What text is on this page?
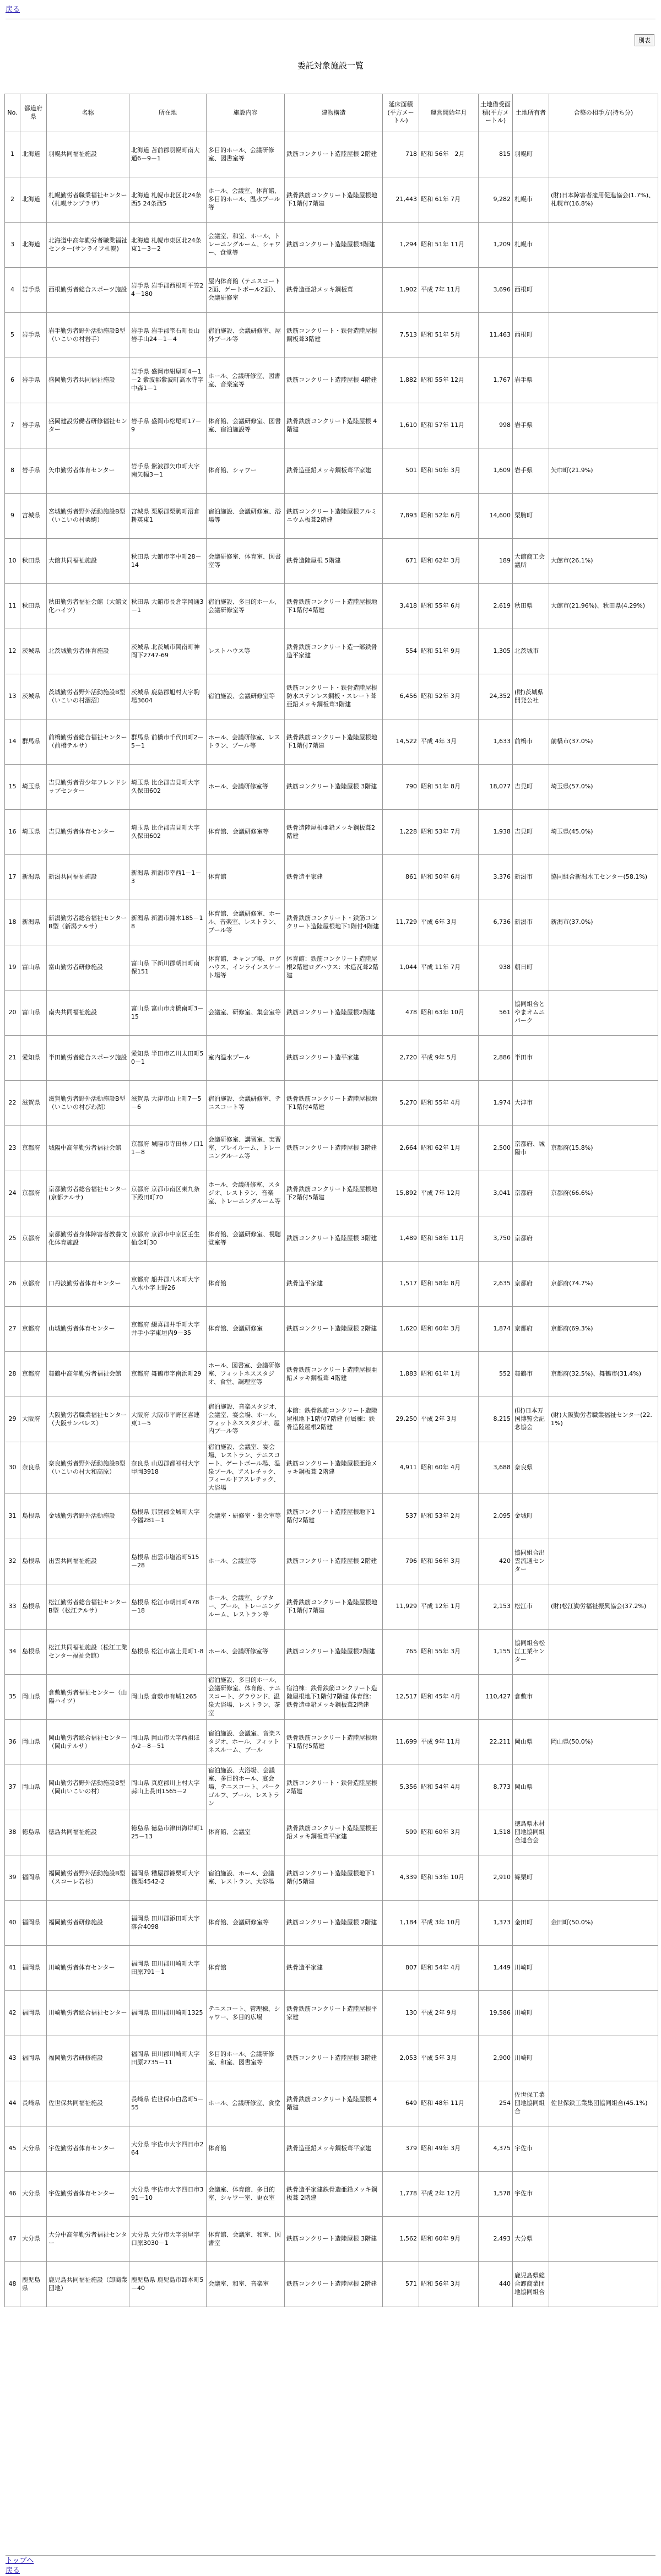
戻る
別表
委託対象施設一覧
No.	都道府県	名称	所在地	施設内容	建物構造	延床面積(平方メートル)	運営開始年月	土地借受面積(平方メートル)	土地所有者	合築の相手方(持ち分)
1	北海道	羽幌共同福祉施設	北海道 苫前郡羽幌町南大通6－9－1	多目的ホール、会議研修室、図書室等	鉄筋コンクリート造陸屋根 2階建	718	昭和 56年　2月	815	羽幌町	
2	北海道	札幌勤労者職業福祉センター（札幌サンプラザ）	北海道 札幌市北区北24条西5 24条西5	ホール、会議室、体育館、多目的ホール、温水プール等	鉄骨鉄筋コンクリート造陸屋根地下1階付7階建	21,443	昭和 61年 7月	9,282	札幌市	(財)日本障害者雇用促進協会(1.7%)、札幌市(16.8%)
3	北海道	北海道中高年勤労者職業福祉センター(サンライフ札幌)	北海道 札幌市東区北24条東1－3－2	会議室、和室、ホール、トレーニングルーム、シャワー、食堂等	鉄筋コンクリート造陸屋根3階建	1,294	昭和 51年 11月	1,209	札幌市	
4	岩手県	西根勤労者総合スポーツ施設	岩手県 岩手郡西根町平笠24－180	屋内体育館（テニスコート2面、ゲートボール2面）、会議研修室	鉄骨造亜鉛メッキ鋼板葺	1,902	平成 7年 11月	3,696	西根町	
5	岩手県	岩手勤労者野外活動施設B型（いこいの村岩手）	岩手県 岩手郡雫石町長山岩手山24－1－4	宿泊施設、会議研修室、屋外プール等	鉄筋コンクリート・鉄骨造陸屋根鋼板葺3階建	7,513	昭和 51年 5月	11,463	西根町	
6	岩手県	盛岡勤労者共同福祉施設	岩手県 盛岡市紺屋町4－1－2 紫波郡紫波町高水寺字中森1－1	ホール、会議研修室、図書室、音楽室等	鉄筋コンクリート造陸屋根 4階建	1,882	昭和 55年 12月	1,767	岩手県	
7	岩手県	盛岡建設労働者研修福祉センター	岩手県 盛岡市松尾町17－9	体育館、会議研修室、図書室、宿泊施設等	鉄骨鉄筋コンクリート造陸屋根 4階建	1,610	昭和 57年 11月	998	岩手県	
8	岩手県	矢巾勤労者体育センター	岩手県 紫波郡矢巾町大字南矢幅3－1	体育館、シャワー	鉄骨造亜鉛メッキ鋼板葺平家建	501	昭和 50年 3月	1,609	岩手県	矢巾町(21.9%)
9	宮城県	宮城勤労者野外活動施設B型（いこいの村栗駒）	宮城県 栗原郡栗駒町沼倉耕英東1	宿泊施設、会議研修室、浴場等	鉄筋コンクリート造陸屋根アルミニウム板葺2階建	7,893	昭和 52年 6月	14,600	栗駒町	
10	秋田県	大館共同福祉施設	秋田県 大館市字中町28－14	会議研修室、体育室、図書室等	鉄骨造陸屋根 5階建	671	昭和 62年 3月	189	大館商工会議所	大館市(26.1%)
11	秋田県	秋田勤労者福祉会館（大館文化ハイツ）	秋田県 大館市長倉字岡通3－1	宿泊施設、多目的ホール、会議研修室等	鉄骨鉄筋コンクリート造陸屋根地下1階付4階建	3,418	昭和 55年 6月	2,619	秋田県	大館市(21.96%)、秋田県(4.29%)
12	茨城県	北茨城勤労者体育施設	茨城県 北茨城市関南町神岡下2747-69	レストハウス等	鉄骨鉄筋コンクリート造一部鉄骨造平家建	554	昭和 51年 9月	1,305	北茨城市	
13	茨城県	茨城勤労者野外活動施設B型（いこいの村涸沼）	茨城県 鹿島郡旭村大字駒場3604	宿泊施設、会議研修室等	鉄筋コンクリート・鉄骨造陸屋根防水ステンレス鋼板・スレート葺亜鉛メッキ鋼板葺3階建	6,456	昭和 52年 3月	24,352	(財)茨城県開発公社	
14	群馬県	前橋勤労者総合福祉センター（前橋テルサ）	群馬県 前橋市千代田町2－5－1	ホール、会議研修室、レストラン、プール等	鉄骨鉄筋コンクリート造陸屋根地下1階付7階建	14,522	平成 4年 3月	1,633	前橋市	前橋市(37.0%)
15	埼玉県	吉見勤労者青少年フレンドシップセンター	埼玉県 比企郡吉見町大字久保田602	ホール、会議研修室等	鉄筋コンクリート造陸屋根 3階建	790	昭和 51年 8月	18,077	吉見町	埼玉県(57.0%)
16	埼玉県	吉見勤労者体育センター	埼玉県 比企郡吉見町大字久保田602	体育館、会議研修室等	鉄骨造陸屋根亜鉛メッキ鋼板葺2階建	1,228	昭和 53年 7月	1,938	吉見町	埼玉県(45.0%)
17	新潟県	新潟共同福祉施設	新潟県 新潟市幸西1－1－3	体育館	鉄骨造平家建	861	昭和 50年 6月	3,376	新潟市	協同組合新潟木工センター(58.1%)
18	新潟県	新潟勤労者総合福祉センターB型（新潟テルサ）	新潟県 新潟市鐘木185－18	体育館、会議研修室、ホール、音楽室、レストラン、プール等	鉄骨鉄筋コンクリート・鉄筋コンクリート造陸屋根地下1階付4階建	11,729	平成 6年 3月	6,736	新潟市	新潟市(37.0%)
19	富山県	富山勤労者研修施設	富山県 下新川郡朝日町南保151	体育館、キャンプ場、ログハウス、インラインスケート場等	体育館：鉄筋コンクリート造陸屋根2階建ログハウス：木造瓦葺2階建	1,044	平成 11年 7月	938	朝日町	
20	富山県	南央共同福祉施設	富山県 富山市舟橋南町3－15	会議室、研修室、集会室等	鉄筋コンクリート造陸屋根2階建	478	昭和 63年 10月	561	協同組合とやまオムニパーク	
21	愛知県	半田勤労者総合スポーツ施設	愛知県 半田市乙川太田町50－1	室内温水プール	鉄筋コンクリート造平家建	2,720	平成 9年 5月	2,886	半田市	
22	滋賀県	滋賀勤労者野外活動施設B型（いこいの村びわ湖）	滋賀県 大津市山上町7－5－6	宿泊施設、会議研修室、テニスコート等	鉄骨鉄筋コンクリート造陸屋根地下1階付4階建	5,270	昭和 55年 4月	1,974	大津市	
23	京都府	城陽中高年勤労者福祉会館	京都府 城陽市寺田林ノ口11－8	会議研修室、講習室、実習室、プレイルーム、トレーニングルーム等	鉄筋コンクリート造陸屋根 3階建	2,664	昭和 62年 1月	2,500	京都府、城陽市	京都府(15.8%)
24	京都府	京都勤労者総合福祉センター(京都テルサ)	京都府 京都市南区東九条下殿田町70	ホール、会議研修室、スタジオ、レストラン、音楽室、トレーニングルーム等	鉄骨鉄筋コンクリート造陸屋根地下2階付5階建	15,892	平成 7年 12月	3,041	京都府	京都府(66.6%)
25	京都府	京都勤労者身体障害者教養文化体育施設	京都府 京都市中京区壬生仙念町30	体育館、会議研修室、視聴覚室等	鉄筋コンクリート造陸屋根 3階建	1,489	昭和 58年 11月	3,750	京都府	
26	京都府	口丹波勤労者体育センター	京都府 船井郡八木町大字八木小字上野26	体育館	鉄骨造平家建	1,517	昭和 58年 8月	2,635	京都府	京都府(74.7%)
27	京都府	山城勤労者体育センター	京都府 綴喜郡井手町大字井手小字東垣内9－35	体育館、会議研修室	鉄筋コンクリート造陸屋根 2階建	1,620	昭和 60年 3月	1,874	京都府	京都府(69.3%)
28	京都府	舞鶴中高年勤労者福祉会館	京都府 舞鶴市字南浜町29	ホール、図書室、会議研修室、フィットネススタジオ、食堂、調理室等	鉄骨鉄筋コンクリート造陸屋根亜鉛メッキ鋼板葺 4階建	1,883	昭和 61年 1月	552	舞鶴市	京都府(32.5%)、舞鶴市(31.4%)
29	大阪府	大阪勤労者職業福祉センター（大阪サンパレス）	大阪府 大阪市平野区喜連東1－5	宿泊施設、音楽スタジオ、会議室、宴会場、ホール、フィットネススタジオ、屋内プール等	本館：鉄骨鉄筋コンクリート造陸屋根地下1階付7階建 付属棟：鉄骨造陸屋根2階建	29,250	平成 2年 3月	8,215	(財)日本万国博覧会記念協会	(財)大阪勤労者職業福祉センター(22.1%)
30	奈良県	奈良勤労者野外活動施設B型（いこいの村大和高原）	奈良県 山辺郡都祁村大字甲岡3918	宿泊施設、会議室、宴会場、レストラン、テニスコート、ゲートボール場、温泉プール、アスレチック、フィールドアスレチック、大浴場	鉄筋コンクリート造陸屋根亜鉛メッキ鋼板葺 2階建	4,911	昭和 60年 4月	3,688	奈良県	
31	島根県	金城勤労者野外活動施設	島根県 那賀郡金城町大字今福281－1	会議室・研修室・集会室等	鉄筋コンクリート造陸屋根地下1階付2階建	537	昭和 53年 2月	2,095	金城町	
32	島根県	出雲共同福祉施設	島根県 出雲市塩冶町515－28	ホール、会議室等	鉄筋コンクリート造陸屋根 2階建	796	昭和 56年 3月	420	協同組合出雲流通センター	
33	島根県	松江勤労者総合福祉センターB型（松江テルサ）	島根県 松江市朝日町478－18	ホール、会議室、シアター、プール、トレーニングルーム、レストラン等	鉄骨鉄筋コンクリート造陸屋根地下1階付7階建	11,929	平成 12年 1月	2,153	松江市	(財)松江勤労福祉振興協会(37.2%)
34	島根県	松江共同福祉施設（松江工業センター福祉会館）	島根県 松江市富士見町1-8	ホール、会議研修室等	鉄筋コンクリート造陸屋根2階建	765	昭和 55年 3月	1,155	協同組合松江工業センター	
35	岡山県	倉敷勤労者福祉センター（山陽ハイツ）	岡山県 倉敷市有城1265	宿泊施設、多目的ホール、会議研修室、体育館、テニスコート、グラウンド、温泉大浴場、レストラン、茶室	宿泊棟：鉄骨鉄筋コンクリート造陸屋根地下1階付7階建 体育館：鉄骨造亜鉛メッキ鋼板葺2階建	12,517	昭和 45年 4月	110,427	倉敷市	
36	岡山県	岡山勤労者総合福祉センター（岡山テルサ）	岡山県 岡山市大字西祖ほか2－8－51	宿泊施設、会議室、音楽スタジオ、ホール、フィットネスルーム、プール	鉄骨鉄筋コンクリート造陸屋根地下1階付5階建	11,699	平成 9年 11月	22,211	岡山県	岡山県(50.0%)
37	岡山県	岡山勤労者野外活動施設B型（岡山いこいの村）	岡山県 真庭郡川上村大字蒜山上長田1565－2	宿泊施設、大浴場、会議室、多目的ホール、宴会場、テニスコート、パークゴルフ、プール、レストラン	鉄筋コンクリート・鉄骨造陸屋根2階建	5,356	昭和 54年 4月	8,773	岡山県	
38	徳島県	徳島共同福祉施設	徳島県 徳島市津田海岸町125－13	体育館、会議室	鉄骨鉄筋コンクリート造陸屋根亜鉛メッキ鋼板葺平家建	599	昭和 60年 3月	1,518	徳島県木材団地協同組合連合会	
39	福岡県	福岡勤労者野外活動施設B型（スコーレ若杉）	福岡県 糟屋郡篠栗町大字篠栗4542-2	宿泊施設、ホール、会議室、レストラン、大浴場	鉄筋コンクリート造陸屋根地下1階付5階建	4,339	昭和 53年 10月	2,910	篠栗町	
40	福岡県	福岡勤労者研修施設	福岡県 田川郡添田町大字落合4098	体育館、会議研修室等	鉄筋コンクリート造陸屋根 2階建	1,184	平成 3年 10月	1,373	金田町	金田町(50.0%)
41	福岡県	川崎勤労者体育センター	福岡県 田川郡川崎町大字田原791－1	体育館	鉄骨造平家建	807	昭和 54年 4月	1,449	川崎町	
42	福岡県	川崎勤労者総合福祉センター	福岡県 田川郡川崎町1325	テニスコート、管理棟、シャワー、多目的広場	鉄骨鉄筋コンクリート造陸屋根平家建	130	平成 2年 9月	19,586	川崎町	
43	福岡県	福岡勤労者研修施設	福岡県 田川郡川崎町大字田原2735－11	多目的ホール、会議研修室、和室、図書室等	鉄筋コンクリート造陸屋根 3階建	2,053	平成 5年 3月	2,900	川崎町	
44	長崎県	佐世保共同福祉施設	長崎県 佐世保市白岳町5－55	ホール、会議研修室、食堂	鉄骨鉄筋コンクリート造陸屋根 4階建	649	昭和 48年 11月	254	佐世保工業団地協同組合	佐世保鉄工業集団協同組合(45.1%)
45	大分県	宇佐勤労者体育センター	大分県 宇佐市大字四日市264	体育館	鉄骨造亜鉛メッキ鋼板葺平家建	379	昭和 49年 3月	4,375	宇佐市	
46	大分県	宇佐勤労者体育センター	大分県 宇佐市大字四日市391－10	会議室、体育館、多目的室、シャワー室、更衣室	鉄骨造平家建鉄骨造亜鉛メッキ鋼板葺 2階建	1,778	平成 2年 12月	1,578	宇佐市	
47	大分県	大分中高年勤労者福祉センター	大分県 大分市大字羽屋字口原3030－1	体育館、会議室、和室、図書室	鉄筋コンクリート造陸屋根 3階建	1,562	昭和 60年 9月	2,493	大分県	
48	鹿児島県	鹿児島共同福祉施設（卸商業団地）	鹿児島県 鹿児島市卸本町5－40	会議室、和室、音楽室	鉄筋コンクリート造陸屋根 2階建	571	昭和 56年 3月	440	鹿児島県総合卸商業団地協同組合	
トップへ
戻る
